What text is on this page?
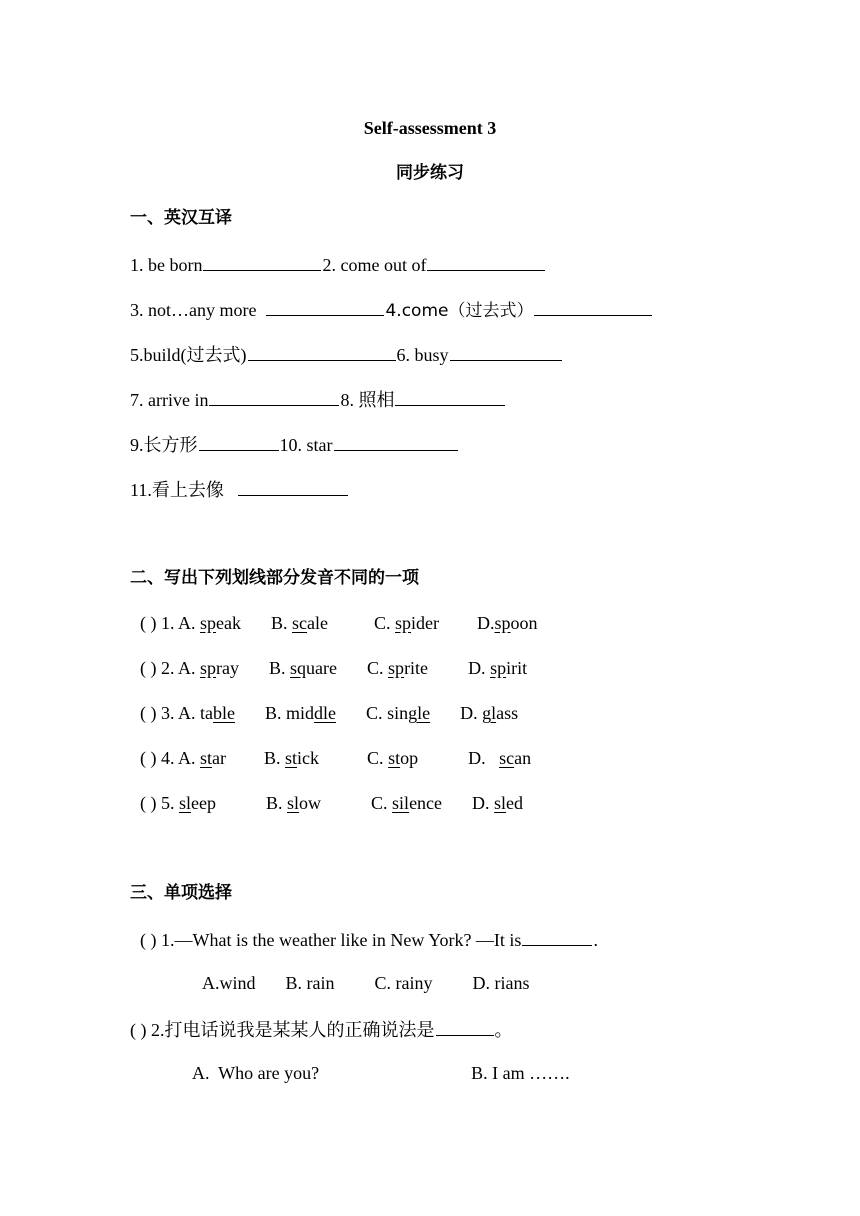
Self-assessment 3
同步练习
一、英汉互译
1. be born	2. come out of
3. not…any more	4.come（过去式）
5.build(过去式)	6. busy
7. arrive in	8. 照相
9.长方形	10. star
11.看上去像
二、写出下列划线部分发音不同的一项
( ) 1. A. speak B. scale	C. spider D.spoon
( ) 2. A. spray B. square C. sprite D. spirit
( ) 3. A. table B. middle C. single D. glass
( ) 4. A. star B. stick	C. stop	D.   scan
( ) 5. sleep	B. slow	C. silence D. sled
三、单项选择
( ) 1.—What is the weather like in New York? —It is	.
A.wind B. rain C. rainy D. rians
( ) 2.打电话说我是某某人的正确说法是	。
A.  Who are you?	B. I am …….
